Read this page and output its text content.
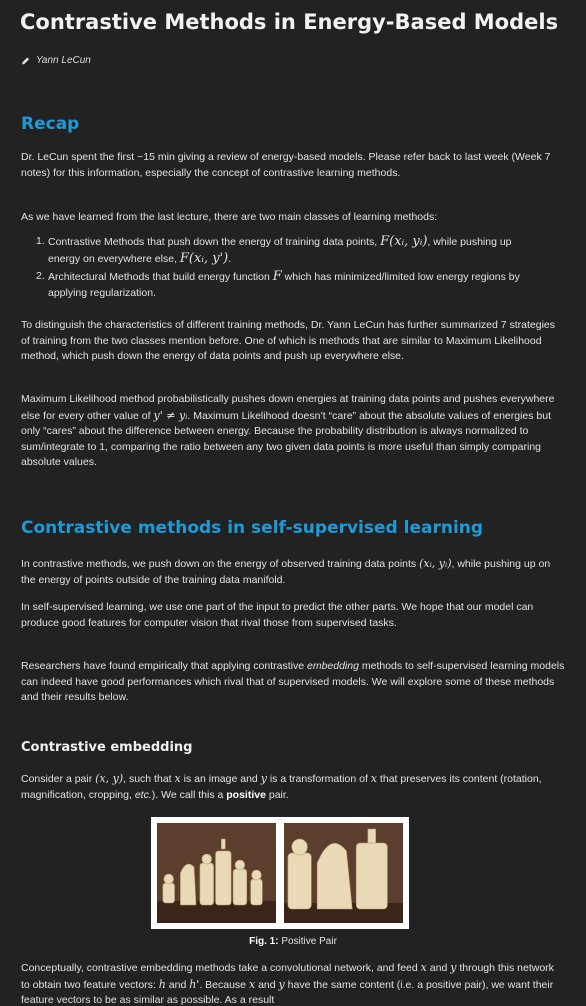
Contrastive Methods in Energy-Based Models
Yann LeCun
Recap

Dr. LeCun spent the first ~15 min giving a review of energy-based models. Please refer back to last week (Week 7 notes) for this information, especially the concept of contrastive learning methods.

As we have learned from the last lecture, there are two main classes of learning methods:

1. Contrastive Methods that push down the energy of training data points, F(xᵢ, yᵢ), while pushing up energy on everywhere else, F(xᵢ, y').
2. Architectural Methods that build energy function F which has minimized/limited low energy regions by applying regularization.

To distinguish the characteristics of different training methods, Dr. Yann LeCun has further summarized 7 strategies of training from the two classes mention before. One of which is methods that are similar to Maximum Likelihood method, which push down the energy of data points and push up everywhere else.

Maximum Likelihood method probabilistically pushes down energies at training data points and pushes everywhere else for every other value of y' ≠ yᵢ. Maximum Likelihood doesn’t “care” about the absolute values of energies but only “cares” about the difference between energy. Because the probability distribution is always normalized to sum/integrate to 1, comparing the ratio between any two given data points is more useful than simply comparing absolute values.

Contrastive methods in self-supervised learning

In contrastive methods, we push down on the energy of observed training data points (xᵢ, yᵢ), while pushing up on the energy of points outside of the training data manifold.

In self-supervised learning, we use one part of the input to predict the other parts. We hope that our model can produce good features for computer vision that rival those from supervised tasks.

Researchers have found empirically that applying contrastive embedding methods to self-supervised learning models can indeed have good performances which rival that of supervised models. We will explore some of these methods and their results below.

Contrastive embedding

Consider a pair (x, y), such that x is an image and y is a transformation of x that preserves its content (rotation, magnification, cropping, etc.). We call this a positive pair.

Fig. 1: Positive Pair

Conceptually, contrastive embedding methods take a convolutional network, and feed x and y through this network to obtain two feature vectors: h and h'. Because x and y have the same content (i.e. a positive pair), we want their feature vectors to be as similar as possible. As a result
